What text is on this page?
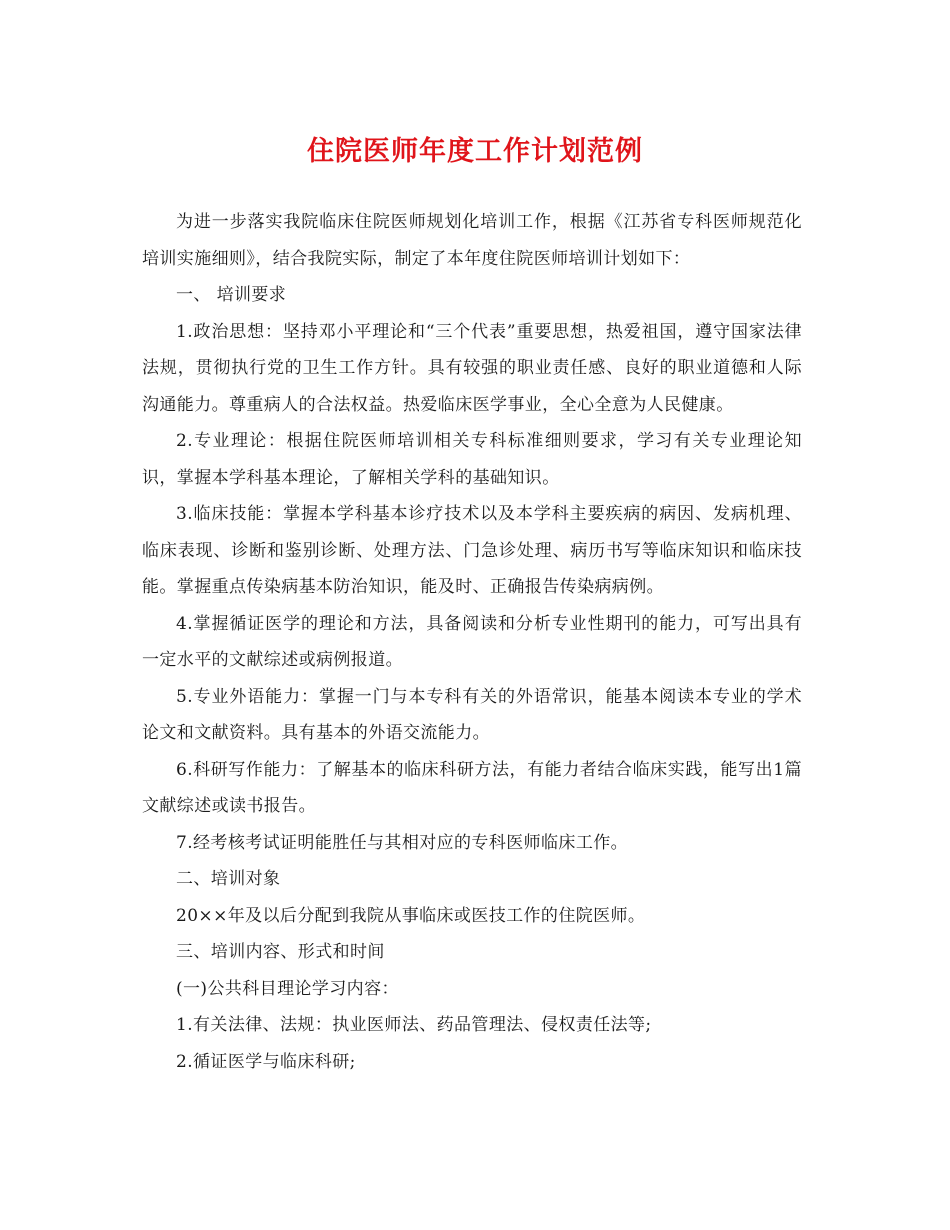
住院医师年度工作计划范例

为进一步落实我院临床住院医师规划化培训工作，根据《江苏省专科医师规范化培训实施细则》，结合我院实际，制定了本年度住院医师培训计划如下：

一、 培训要求

1.政治思想：坚持邓小平理论和“三个代表”重要思想，热爱祖国，遵守国家法律法规，贯彻执行党的卫生工作方针。具有较强的职业责任感、良好的职业道德和人际沟通能力。尊重病人的合法权益。热爱临床医学事业，全心全意为人民健康。

2.专业理论：根据住院医师培训相关专科标准细则要求，学习有关专业理论知识，掌握本学科基本理论，了解相关学科的基础知识。

3.临床技能：掌握本学科基本诊疗技术以及本学科主要疾病的病因、发病机理、临床表现、诊断和鉴别诊断、处理方法、门急诊处理、病历书写等临床知识和临床技能。掌握重点传染病基本防治知识，能及时、正确报告传染病病例。

4.掌握循证医学的理论和方法，具备阅读和分析专业性期刊的能力，可写出具有一定水平的文献综述或病例报道。

5.专业外语能力：掌握一门与本专科有关的外语常识，能基本阅读本专业的学术论文和文献资料。具有基本的外语交流能力。

6.科研写作能力：了解基本的临床科研方法，有能力者结合临床实践，能写出1篇文献综述或读书报告。

7.经考核考试证明能胜任与其相对应的专科医师临床工作。

二、培训对象

20××年及以后分配到我院从事临床或医技工作的住院医师。

三、培训内容、形式和时间

(一)公共科目理论学习内容：

1.有关法律、法规：执业医师法、药品管理法、侵权责任法等;

2.循证医学与临床科研;
